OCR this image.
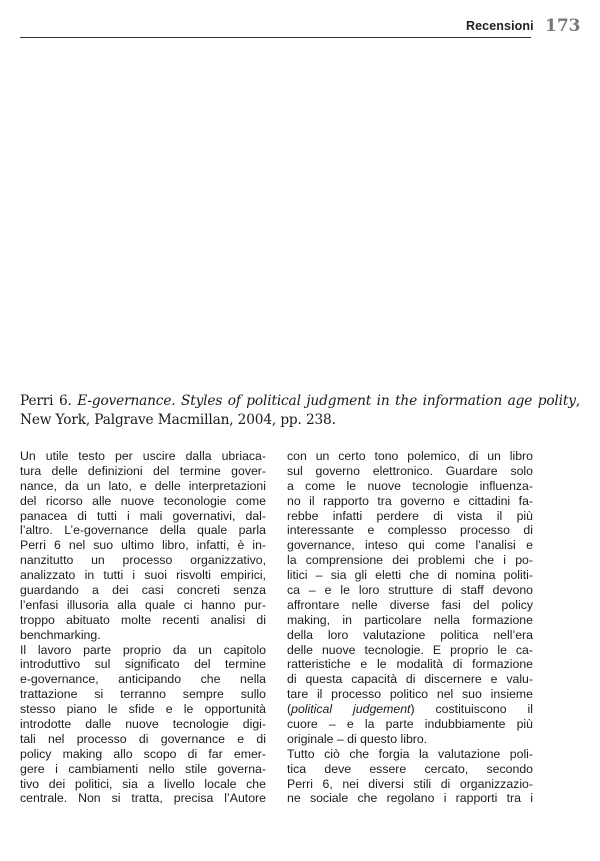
Recensioni 173
Perri 6. E-governance. Styles of political judgment in the information age polity, New York, Palgrave Macmillan, 2004, pp. 238.
Un utile testo per uscire dalla ubriaca-
tura delle definizioni del termine gover-
nance, da un lato, e delle interpretazioni
del ricorso alle nuove teconologie come
panacea di tutti i mali governativi, dal-
l’altro. L’e-governance della quale parla
Perri 6 nel suo ultimo libro, infatti, è in-
nanzitutto un processo organizzativo,
analizzato in tutti i suoi risvolti empirici,
guardando a dei casi concreti senza
l’enfasi illusoria alla quale ci hanno pur-
troppo abituato molte recenti analisi di
benchmarking.
Il lavoro parte proprio da un capitolo
introduttivo sul significato del termine
e-governance, anticipando che nella
trattazione si terranno sempre sullo
stesso piano le sfide e le opportunità
introdotte dalle nuove tecnologie digi-
tali nel processo di governance e di
policy making allo scopo di far emer-
gere i cambiamenti nello stile governa-
tivo dei politici, sia a livello locale che
centrale. Non si tratta, precisa l’Autore
con un certo tono polemico, di un libro
sul governo elettronico. Guardare solo
a come le nuove tecnologie influenza-
no il rapporto tra governo e cittadini fa-
rebbe infatti perdere di vista il più
interessante e complesso processo di
governance, inteso qui come l’analisi e
la comprensione dei problemi che i po-
litici – sia gli eletti che di nomina politi-
ca – e le loro strutture di staff devono
affrontare nelle diverse fasi del policy
making, in particolare nella formazione
della loro valutazione politica nell’era
delle nuove tecnologie. E proprio le ca-
ratteristiche e le modalità di formazione
di questa capacità di discernere e valu-
tare il processo politico nel suo insieme
(political judgement) costituiscono il
cuore – e la parte indubbiamente più
originale – di questo libro.
Tutto ciò che forgia la valutazione poli-
tica deve essere cercato, secondo
Perri 6, nei diversi stili di organizzazio-
ne sociale che regolano i rapporti tra i
